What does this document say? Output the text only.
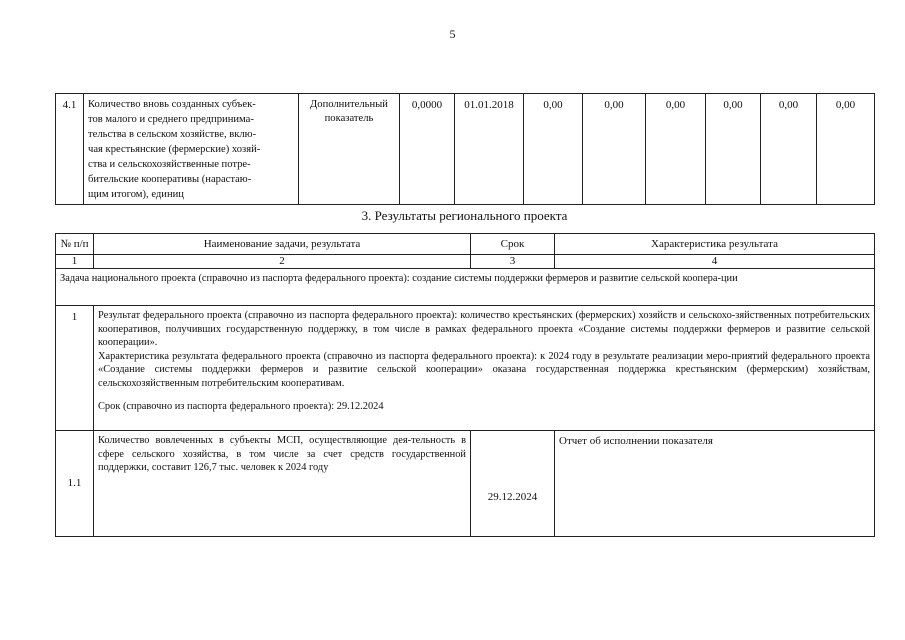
5
4.1	Количество вновь созданных субъек-
тов малого и среднего предпринима-
тельства в сельском хозяйстве, вклю-
чая крестьянские (фермерские) хозяй-
ства и сельскохозяйственные потре-
бительские кооперативы (нарастаю-
щим итогом), единиц
	Дополнительный показатель	0,0000	01.01.2018	0,00	0,00	0,00	0,00	0,00	0,00
3. Результаты регионального проекта
№ п/п	Наименование задачи, результата	Срок	Характеристика результата
1	2	3	4
Задача национального проекта (справочно из паспорта федерального проекта): создание системы поддержки фермеров и развитие сельской коопера-ции			
1	Результат федерального проекта (справочно из паспорта федерального проекта): количество крестьянских (фермерских) хозяйств и сельскохо-зяйственных потребительских кооперативов, получивших государственную поддержку, в том числе в рамках федерального проекта «Создание системы поддержки фермеров и развитие сельской кооперации».

Характеристика результата федерального проекта (справочно из паспорта федерального проекта): к 2024 году в результате реализации меро-приятий федерального проекта «Создание системы поддержки фермеров и развитие сельской кооперации» оказана государственная поддержка крестьянским (фермерским) хозяйствам, сельскохозяйственным потребительским кооперативам.

Срок (справочно из паспорта федерального проекта): 29.12.2024		

1.1	Количество вовлеченных в субъекты МСП, осуществляющие дея-тельность в сфере сельского хозяйства, в том числе за счет средств государственной поддержки, составит 126,7 тыс. человек к 2024 году	29.12.2024	Отчет об исполнении показателя
